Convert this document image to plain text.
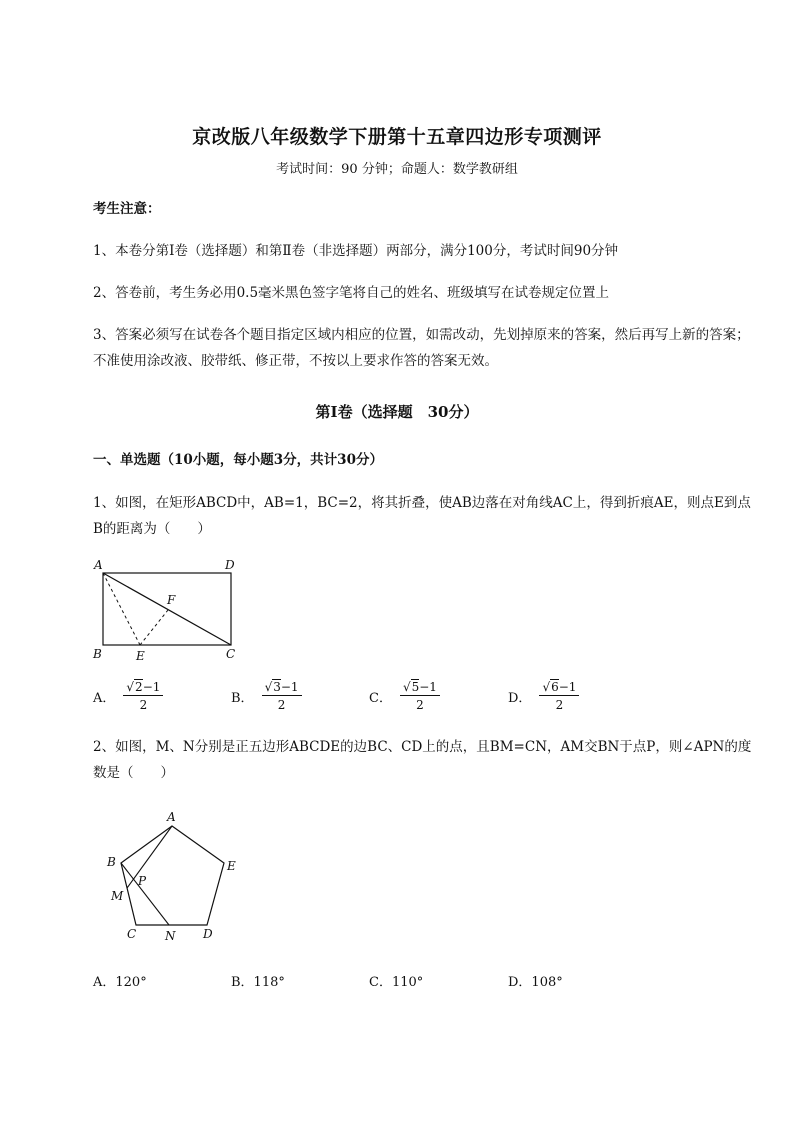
京改版八年级数学下册第十五章四边形专项测评
考试时间：90 分钟；命题人：数学教研组
考生注意：
1、本卷分第Ⅰ卷（选择题）和第Ⅱ卷（非选择题）两部分，满分100分，考试时间90分钟
2、答卷前，考生务必用0.5毫米黑色签字笔将自己的姓名、班级填写在试卷规定位置上
3、答案必须写在试卷各个题目指定区域内相应的位置，如需改动，先划掉原来的答案，然后再写上新的答案；不准使用涂改液、胶带纸、修正带，不按以上要求作答的答案无效。
第Ⅰ卷（选择题　30分）
一、单选题（10小题，每小题3分，共计30分）
1、如图，在矩形ABCD中，AB=1，BC=2，将其折叠，使AB边落在对角线AC上，得到折痕AE，则点E到点B的距离为（　　）
A	D
B	C
E
F
A． $\frac{√2-1}{2}$	B． $\frac{√3-1}{2}$	C． $\frac{√5-1}{2}$	D． $\frac{√6-1}{2}$
2、如图，M、N分别是正五边形ABCDE的边BC、CD上的点，且BM=CN，AM交BN于点P，则∠APN的度数是（　　）
A
B	E
M
P
C N D
A．120°	B．118°	C．110°	D．108°
